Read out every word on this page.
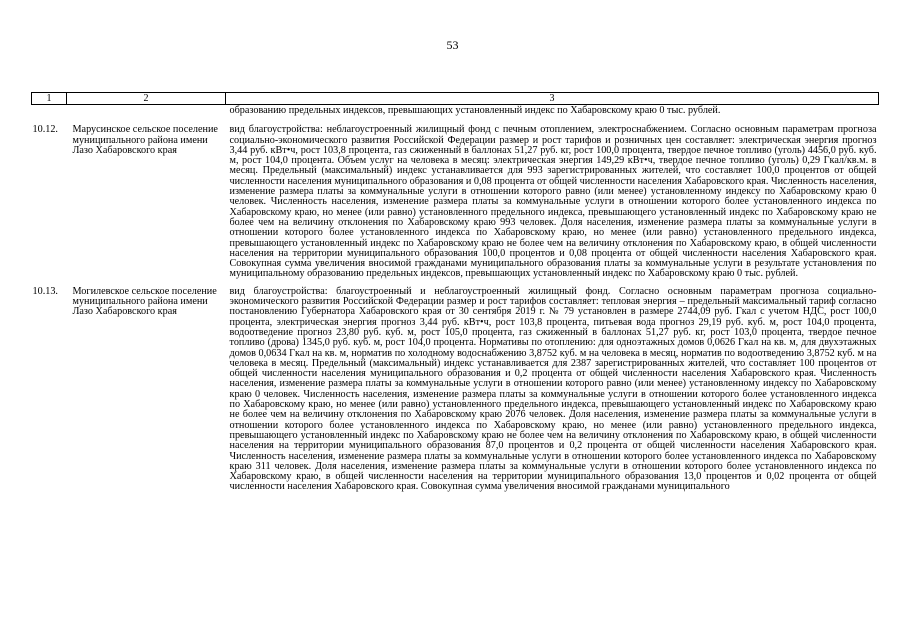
53
1	2	3
		образованию предельных индексов, превышающих установленный индекс по Хабаровскому краю 0 тыс. рублей.
10.12.	Марусинское сельское поселение муниципального района имени Лазо Хабаровского края	вид благоустройства: неблагоустроенный жилищный фонд с печным отоплением, электроснабжением. Согласно основным параметрам прогноза социально-экономического развития Российской Федерации размер и рост тарифов и розничных цен составляет: электрическая энергия прогноз 3,44 руб. кВт•ч, рост 103,8 процента, газ сжиженный в баллонах 51,27 руб. кг, рост 100,0 процента, твердое печное топливо (уголь) 4456,0 руб. куб. м, рост 104,0 процента. Объем услуг на человека в месяц: электрическая энергия 149,29 кВт•ч, твердое печное топливо (уголь) 0,29 Гкал/кв.м. в месяц. Предельный (максимальный) индекс устанавливается для 993 зарегистрированных жителей, что составляет 100,0 процентов от общей численности населения муниципального образования и 0,08 процента от общей численности населения Хабаровского края. Численность населения, изменение размера платы за коммунальные услуги в отношении которого равно (или менее) установленному индексу по Хабаровскому краю 0 человек. Численность населения, изменение размера платы за коммунальные услуги в отношении которого более установленного индекса по Хабаровскому краю, но менее (или равно) установленного предельного индекса, превышающего установленный индекс по Хабаровскому краю не более чем на величину отклонения по Хабаровскому краю 993 человек. Доля населения, изменение размера платы за коммунальные услуги в отношении которого более установленного индекса по Хабаровскому краю, но менее (или равно) установленного предельного индекса, превышающего установленный индекс по Хабаровскому краю не более чем на величину отклонения по Хабаровскому краю, в общей численности населения на территории муниципального образования 100,0 процентов и 0,08 процента от общей численности населения Хабаровского края. Совокупная сумма увеличения вносимой гражданами муниципального образования платы за коммунальные услуги в результате установления по муниципальному образованию предельных индексов, превышающих установленный индекс по Хабаровскому краю 0 тыс. рублей.
10.13.	Могилевское сельское поселение муниципального района имени Лазо Хабаровского края	вид благоустройства: благоустроенный и неблагоустроенный жилищный фонд. Согласно основным параметрам прогноза социально-экономического развития Российской Федерации размер и рост тарифов составляет: тепловая энергия – предельный максимальный тариф согласно постановлению Губернатора Хабаровского края от 30 сентября 2019 г. № 79 установлен в размере 2744,09 руб. Гкал с учетом НДС, рост 100,0 процента, электрическая энергия прогноз 3,44 руб. кВт•ч, рост 103,8 процента, питьевая вода прогноз 29,19 руб. куб. м, рост 104,0 процента, водоотведение прогноз 23,80 руб. куб. м, рост 105,0 процента, газ сжиженный в баллонах 51,27 руб. кг, рост 103,0 процента, твердое печное топливо (дрова) 1345,0 руб. куб. м, рост 104,0 процента. Нормативы по отоплению: для одноэтажных домов 0,0626 Гкал на кв. м, для двухэтажных домов 0,0634 Гкал на кв. м, норматив по холодному водоснабжению 3,8752 куб. м на человека в месяц, норматив по водоотведению 3,8752 куб. м на человека в месяц. Предельный (максимальный) индекс устанавливается для 2387 зарегистрированных жителей, что составляет 100 процентов от общей численности населения муниципального образования и 0,2 процента от общей численности населения Хабаровского края. Численность населения, изменение размера платы за коммунальные услуги в отношении которого равно (или менее) установленному индексу по Хабаровскому краю 0 человек. Численность населения, изменение размера платы за коммунальные услуги в отношении которого более установленного индекса по Хабаровскому краю, но менее (или равно) установленного предельного индекса, превышающего установленный индекс по Хабаровскому краю не более чем на величину отклонения по Хабаровскому краю 2076 человек. Доля населения, изменение размера платы за коммунальные услуги в отношении которого более установленного индекса по Хабаровскому краю, но менее (или равно) установленного предельного индекса, превышающего установленный индекс по Хабаровскому краю не более чем на величину отклонения по Хабаровскому краю, в общей численности населения на территории муниципального образования 87,0 процентов и 0,2 процента от общей численности населения Хабаровского края. Численность населения, изменение размера платы за коммунальные услуги в отношении которого более установленного индекса по Хабаровскому краю 311 человек. Доля населения, изменение размера платы за коммунальные услуги в отношении которого более установленного индекса по Хабаровскому краю, в общей численности населения на территории муниципального образования 13,0 процентов и 0,02 процента от общей численности населения Хабаровского края. Совокупная сумма увеличения вносимой гражданами муниципального
